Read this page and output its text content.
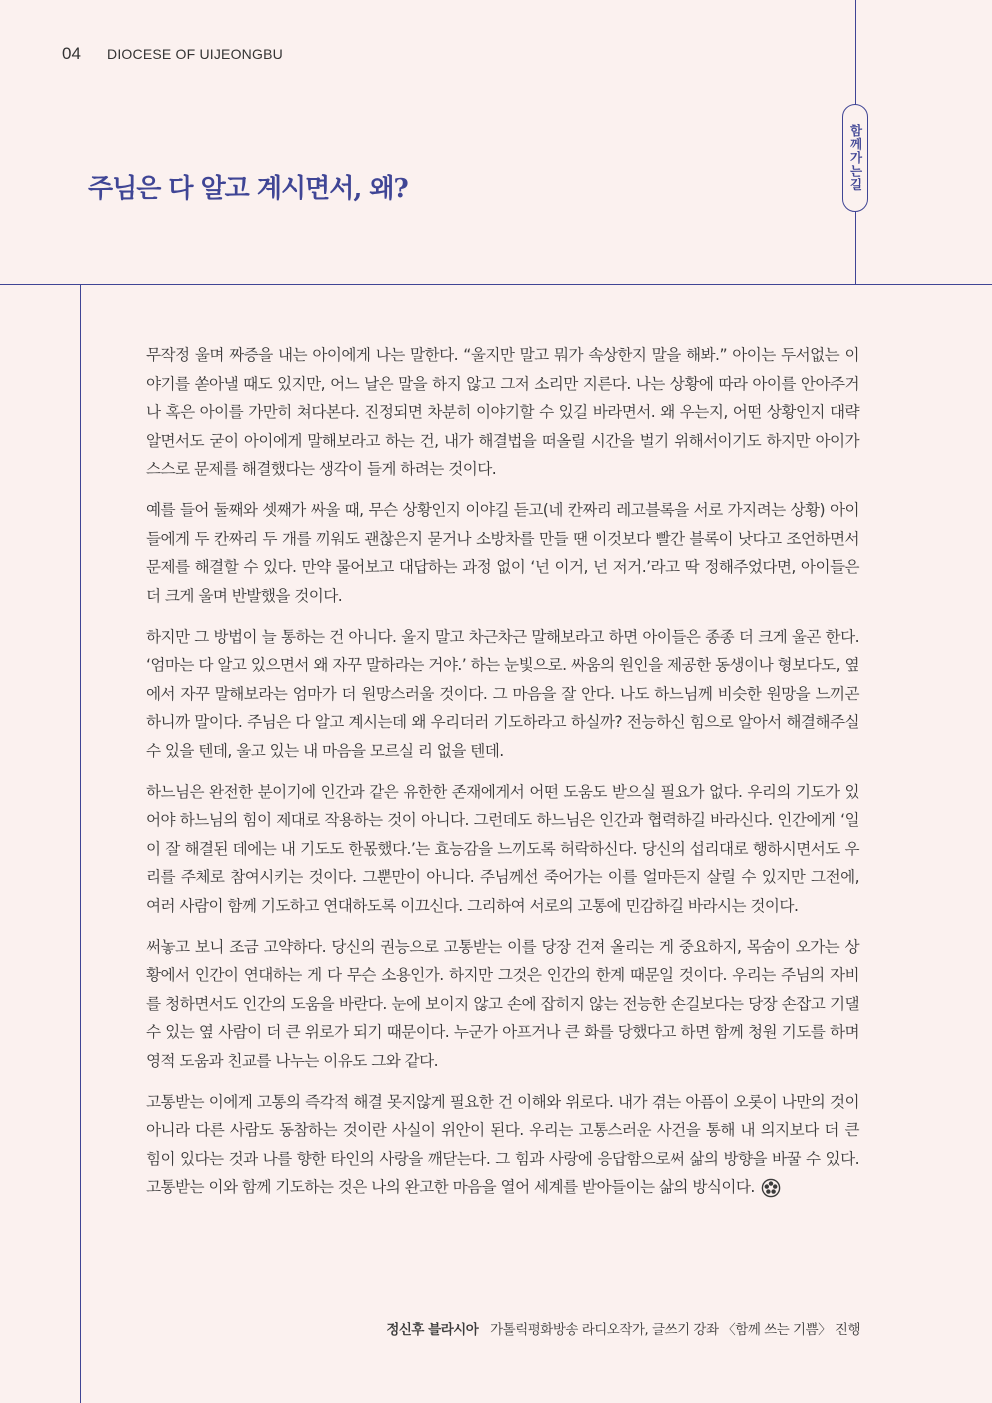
04 DIOCESE OF UIJEONGBU
함께가는길
주님은 다 알고 계시면서, 왜?

무작정 울며 짜증을 내는 아이에게 나는 말한다. “울지만 말고 뭐가 속상한지 말을 해봐.” 아이는 두서없는 이야기를 쏟아낼 때도 있지만, 어느 날은 말을 하지 않고 그저 소리만 지른다. 나는 상황에 따라 아이를 안아주거나 혹은 아이를 가만히 쳐다본다. 진정되면 차분히 이야기할 수 있길 바라면서. 왜 우는지, 어떤 상황인지 대략 알면서도 굳이 아이에게 말해보라고 하는 건, 내가 해결법을 떠올릴 시간을 벌기 위해서이기도 하지만 아이가 스스로 문제를 해결했다는 생각이 들게 하려는 것이다.

예를 들어 둘째와 셋째가 싸울 때, 무슨 상황인지 이야길 듣고(네 칸짜리 레고블록을 서로 가지려는 상황) 아이들에게 두 칸짜리 두 개를 끼워도 괜찮은지 묻거나 소방차를 만들 땐 이것보다 빨간 블록이 낫다고 조언하면서 문제를 해결할 수 있다. 만약 물어보고 대답하는 과정 없이 ‘넌 이거, 넌 저거.’라고 딱 정해주었다면, 아이들은 더 크게 울며 반발했을 것이다.

하지만 그 방법이 늘 통하는 건 아니다. 울지 말고 차근차근 말해보라고 하면 아이들은 종종 더 크게 울곤 한다. ‘엄마는 다 알고 있으면서 왜 자꾸 말하라는 거야.’ 하는 눈빛으로. 싸움의 원인을 제공한 동생이나 형보다도, 옆에서 자꾸 말해보라는 엄마가 더 원망스러울 것이다. 그 마음을 잘 안다. 나도 하느님께 비슷한 원망을 느끼곤 하니까 말이다. 주님은 다 알고 계시는데 왜 우리더러 기도하라고 하실까? 전능하신 힘으로 알아서 해결해주실 수 있을 텐데, 울고 있는 내 마음을 모르실 리 없을 텐데.

하느님은 완전한 분이기에 인간과 같은 유한한 존재에게서 어떤 도움도 받으실 필요가 없다. 우리의 기도가 있어야 하느님의 힘이 제대로 작용하는 것이 아니다. 그런데도 하느님은 인간과 협력하길 바라신다. 인간에게 ‘일이 잘 해결된 데에는 내 기도도 한몫했다.’는 효능감을 느끼도록 허락하신다. 당신의 섭리대로 행하시면서도 우리를 주체로 참여시키는 것이다. 그뿐만이 아니다. 주님께선 죽어가는 이를 얼마든지 살릴 수 있지만 그전에, 여러 사람이 함께 기도하고 연대하도록 이끄신다. 그리하여 서로의 고통에 민감하길 바라시는 것이다.

써놓고 보니 조금 고약하다. 당신의 권능으로 고통받는 이를 당장 건져 올리는 게 중요하지, 목숨이 오가는 상황에서 인간이 연대하는 게 다 무슨 소용인가. 하지만 그것은 인간의 한계 때문일 것이다. 우리는 주님의 자비를 청하면서도 인간의 도움을 바란다. 눈에 보이지 않고 손에 잡히지 않는 전능한 손길보다는 당장 손잡고 기댈 수 있는 옆 사람이 더 큰 위로가 되기 때문이다. 누군가 아프거나 큰 화를 당했다고 하면 함께 청원 기도를 하며 영적 도움과 친교를 나누는 이유도 그와 같다.

고통받는 이에게 고통의 즉각적 해결 못지않게 필요한 건 이해와 위로다. 내가 겪는 아픔이 오롯이 나만의 것이 아니라 다른 사람도 동참하는 것이란 사실이 위안이 된다. 우리는 고통스러운 사건을 통해 내 의지보다 더 큰 힘이 있다는 것과 나를 향한 타인의 사랑을 깨닫는다. 그 힘과 사랑에 응답함으로써 삶의 방향을 바꿀 수 있다. 고통받는 이와 함께 기도하는 것은 나의 완고한 마음을 열어 세계를 받아들이는 삶의 방식이다.

정신후 블라시아 가톨릭평화방송 라디오작가, 글쓰기 강좌 〈함께 쓰는 기쁨〉 진행
